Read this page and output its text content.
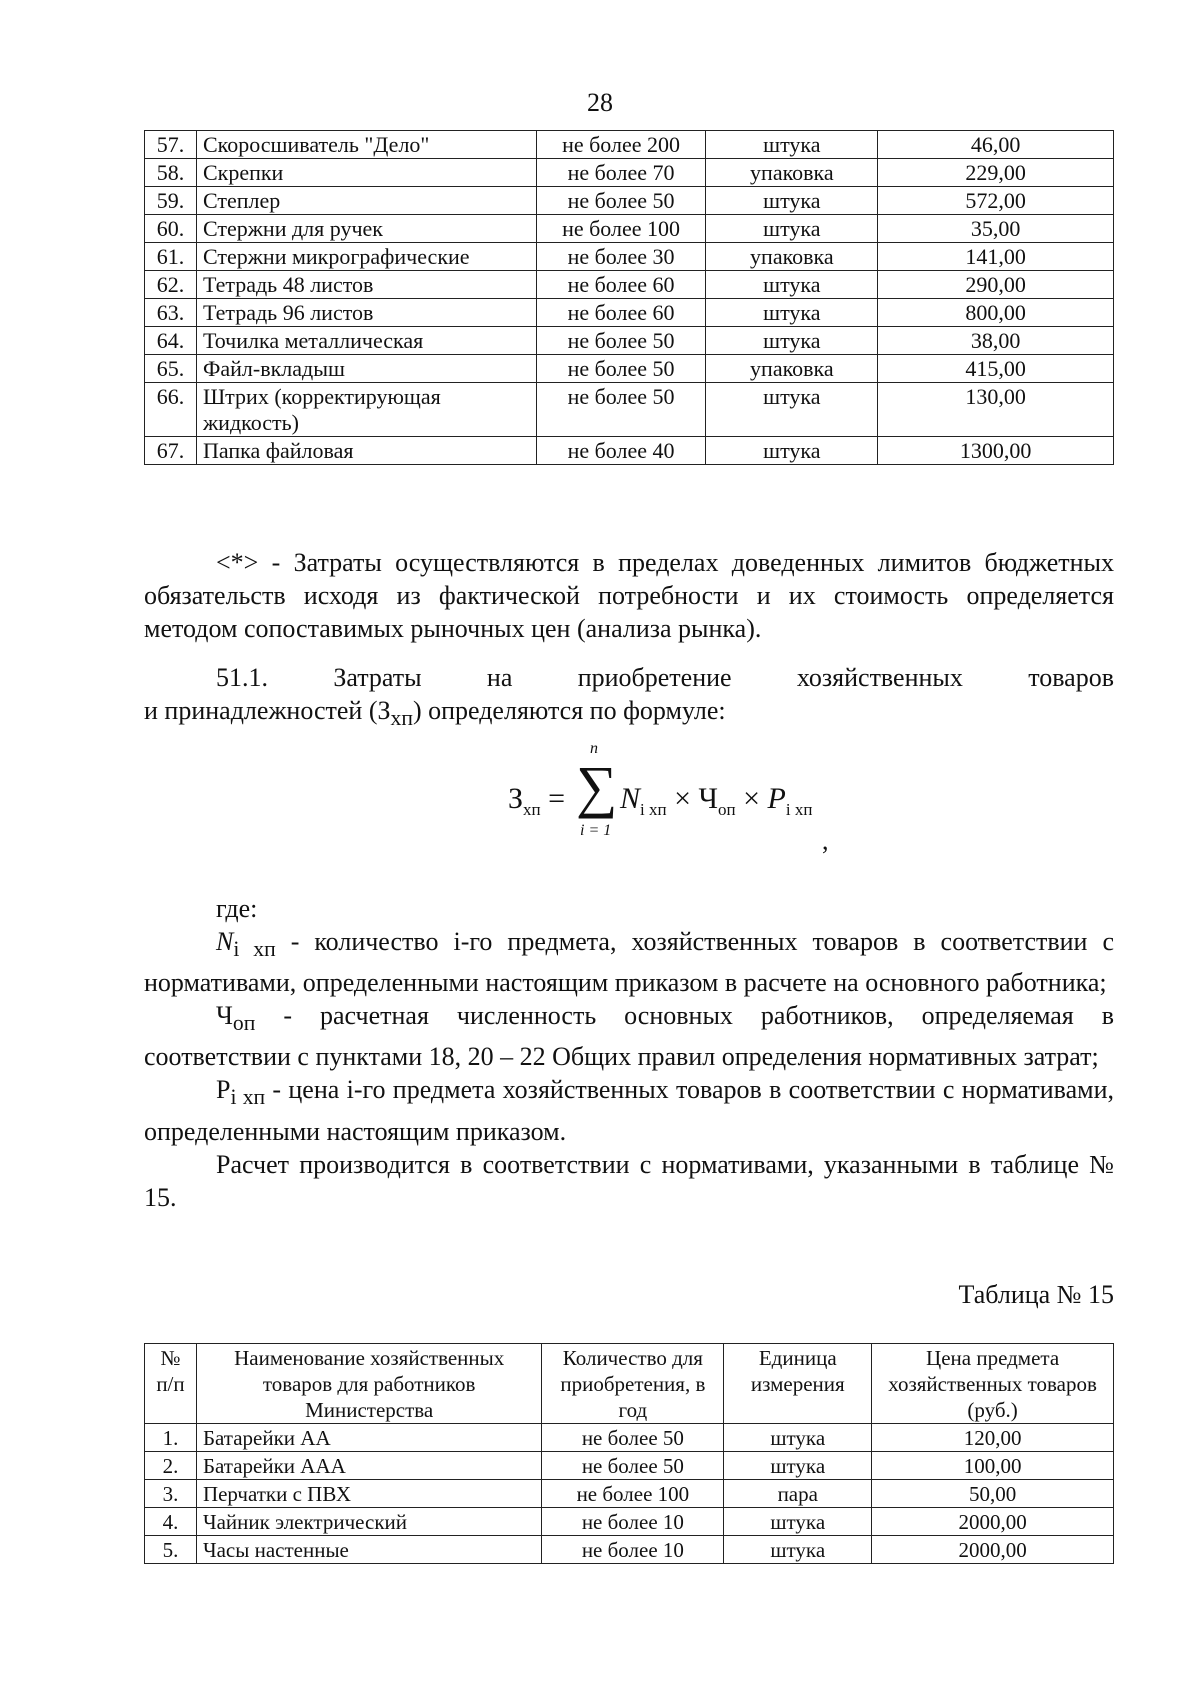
28
57.	Скоросшиватель "Дело"	не более 200	штука	46,00
58.	Скрепки	не более 70	упаковка	229,00
59.	Степлер	не более 50	штука	572,00
60.	Стержни для ручек	не более 100	штука	35,00
61.	Стержни микрографические	не более 30	упаковка	141,00
62.	Тетрадь 48 листов	не более 60	штука	290,00
63.	Тетрадь 96 листов	не более 60	штука	800,00
64.	Точилка металлическая	не более 50	штука	38,00
65.	Файл-вкладыш	не более 50	упаковка	415,00
66.	Штрих (корректирующая жидкость)	не более 50	штука	130,00
67.	Папка файловая	не более 40	штука	1300,00
<*> - Затраты осуществляются в пределах доведенных лимитов бюджетных обязательств исходя из фактической потребности и их стоимость определяется методом сопоставимых рыночных цен (анализа рынка).
51.1. Затраты на приобретение хозяйственных товаров
и принадлежностей $(З_{хп})$ определяются по формуле:
$З_{хп}$ =
n
∑
i = 1
$N_{i хп} \times Ч_{оп} \times P_{i хп}$
,
где:
$N_{i хп}$ - количество i-го предмета, хозяйственных товаров в соответствии с нормативами, определенными настоящим приказом в расчете на основного работника;
$Ч_{оп}$ - расчетная численность основных работников, определяемая в соответствии с пунктами 18, 20 – 22 Общих правил определения нормативных затрат;
$P_{i хп}$ - цена i-го предмета хозяйственных товаров в соответствии с нормативами, определенными настоящим приказом.
Расчет производится в соответствии с нормативами, указанными в таблице № 15.
Таблица № 15
№ п/п	Наименование хозяйственных товаров для работников Министерства	Количество для приобретения, в год	Единица измерения	Цена предмета хозяйственных товаров (руб.)
1.	Батарейки АА	не более 50	штука	120,00
2.	Батарейки ААА	не более 50	штука	100,00
3.	Перчатки с ПВХ	не более 100	пара	50,00
4.	Чайник электрический	не более 10	штука	2000,00
5.	Часы настенные	не более 10	штука	2000,00
